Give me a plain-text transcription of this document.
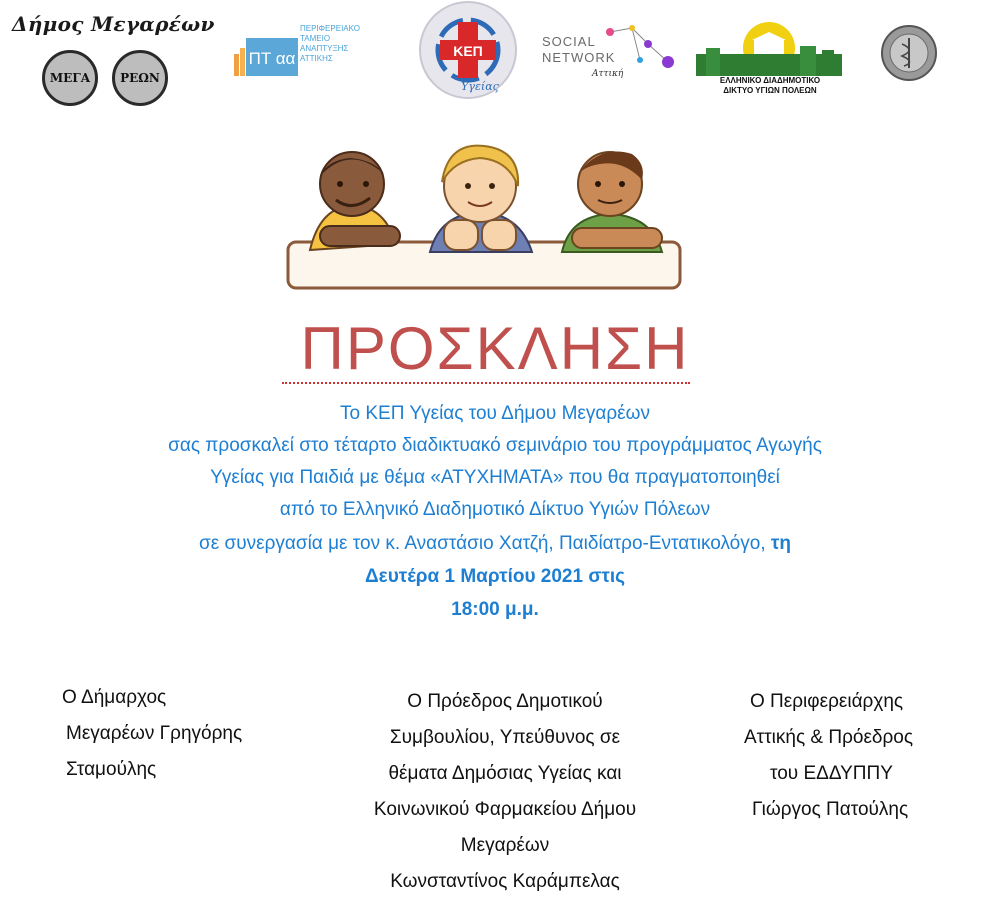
Δήμος Μεγαρέων
ΜΕΓΑ ΡΕΩΝ
ΠΤ αα
ΠΕΡΙΦΕΡΕΙΑΚΟ
ΤΑΜΕΙΟ
ΑΝΑΠΤΥΞΗΣ
ΑΤΤΙΚΗΣ	ΚΕΠ
Υγείας
SOCIAL
NETWORK
Αττική
ΕΛΛΗΝΙΚΟ ΔΙΑΔΗΜΟΤΙΚΟ
ΔΙΚΤΥΟ ΥΓΙΩΝ ΠΟΛΕΩΝ
ΠΡΟΣΚΛΗΣΗ
Το ΚΕΠ Υγείας του Δήμου Μεγαρέων
σας προσκαλεί στο τέταρτο διαδικτυακό σεμινάριο του προγράμματος Αγωγής
Υγείας για Παιδιά με θέμα «ΑΤΥΧΗΜΑΤΑ» που θα πραγματοποιηθεί
από το Ελληνικό Διαδημοτικό Δίκτυο Υγιών Πόλεων
σε συνεργασία με τον κ. Αναστάσιο Χατζή, Παιδίατρο-Εντατικολόγο, τη
Δευτέρα 1 Μαρτίου 2021 στις
18:00 μ.μ.
Ο Δήμαρχος
Μεγαρέων Γρηγόρης
Σταμούλης
Ο Πρόεδρος Δημοτικού
Συμβουλίου, Υπεύθυνος σε
θέματα Δημόσιας Υγείας και
Κοινωνικού Φαρμακείου Δήμου
Μεγαρέων
Κωνσταντίνος Καράμπελας
Ο Περιφερειάρχης
Αττικής & Πρόεδρος
του ΕΔΔΥΠΠΥ
Γιώργος Πατούλης
